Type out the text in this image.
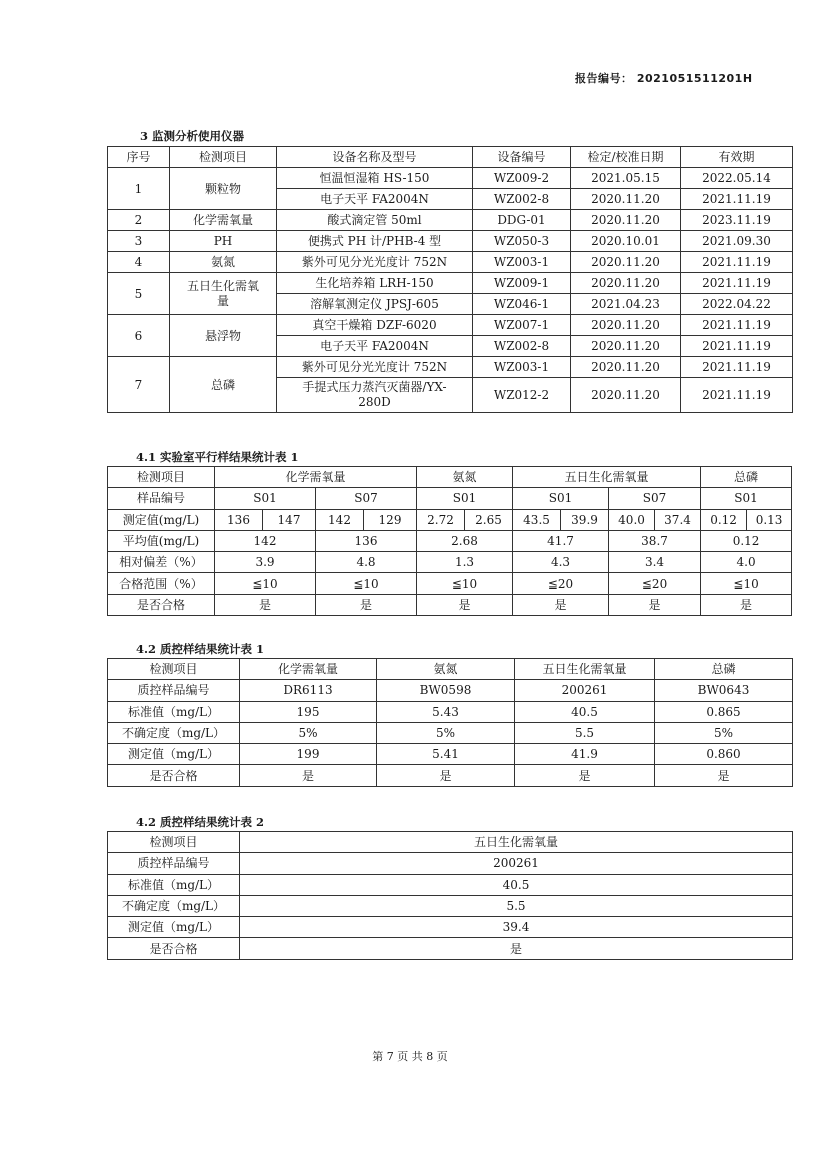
报告编号： 2021051511201H
3 监测分析使用仪器
序号	检测项目	设备名称及型号	设备编号	检定/校准日期	有效期
1	颗粒物	恒温恒湿箱 HS-150	WZ009-2	2021.05.15	2022.05.14
		电子天平 FA2004N	WZ002-8	2020.11.20	2021.11.19
2	化学需氧量	酸式滴定管 50ml	DDG-01	2020.11.20	2023.11.19
3	PH	便携式 PH 计/PHB-4 型	WZ050-3	2020.10.01	2021.09.30
4	氨氮	紫外可见分光光度计 752N	WZ003-1	2020.11.20	2021.11.19
5	五日生化需氧量	生化培养箱 LRH-150	WZ009-1	2020.11.20	2021.11.19
		溶解氧测定仪 JPSJ-605	WZ046-1	2021.04.23	2022.04.22
6	悬浮物	真空干燥箱 DZF-6020	WZ007-1	2020.11.20	2021.11.19
		电子天平 FA2004N	WZ002-8	2020.11.20	2021.11.19
7	总磷	紫外可见分光光度计 752N	WZ003-1	2020.11.20	2021.11.19
		手提式压力蒸汽灭菌器/YX-280D	WZ012-2	2020.11.20	2021.11.19
4.1 实验室平行样结果统计表 1
检测项目	化学需氧量				氨氮		五日生化需氧量				总磷	
样品编号	S01		S07		S01		S01		S07		S01	
测定值(mg/L)	136	147	142	129	2.72	2.65	43.5	39.9	40.0	37.4	0.12	0.13
平均值(mg/L)	142		136		2.68		41.7		38.7		0.12	
相对偏差（%）	3.9		4.8		1.3		4.3		3.4		4.0	
合格范围（%）	≦10		≦10		≦10		≦20		≦20		≦10	
是否合格	是		是		是		是		是		是	
4.2 质控样结果统计表 1
检测项目	化学需氧量	氨氮	五日生化需氧量	总磷
质控样品编号	DR6113	BW0598	200261	BW0643
标准值（mg/L）	195	5.43	40.5	0.865
不确定度（mg/L）	5%	5%	5.5	5%
测定值（mg/L）	199	5.41	41.9	0.860
是否合格	是	是	是	是
4.2 质控样结果统计表 2
检测项目	五日生化需氧量
质控样品编号	200261
标准值（mg/L）	40.5
不确定度（mg/L）	5.5
测定值（mg/L）	39.4
是否合格	是
第 7 页 共 8 页
